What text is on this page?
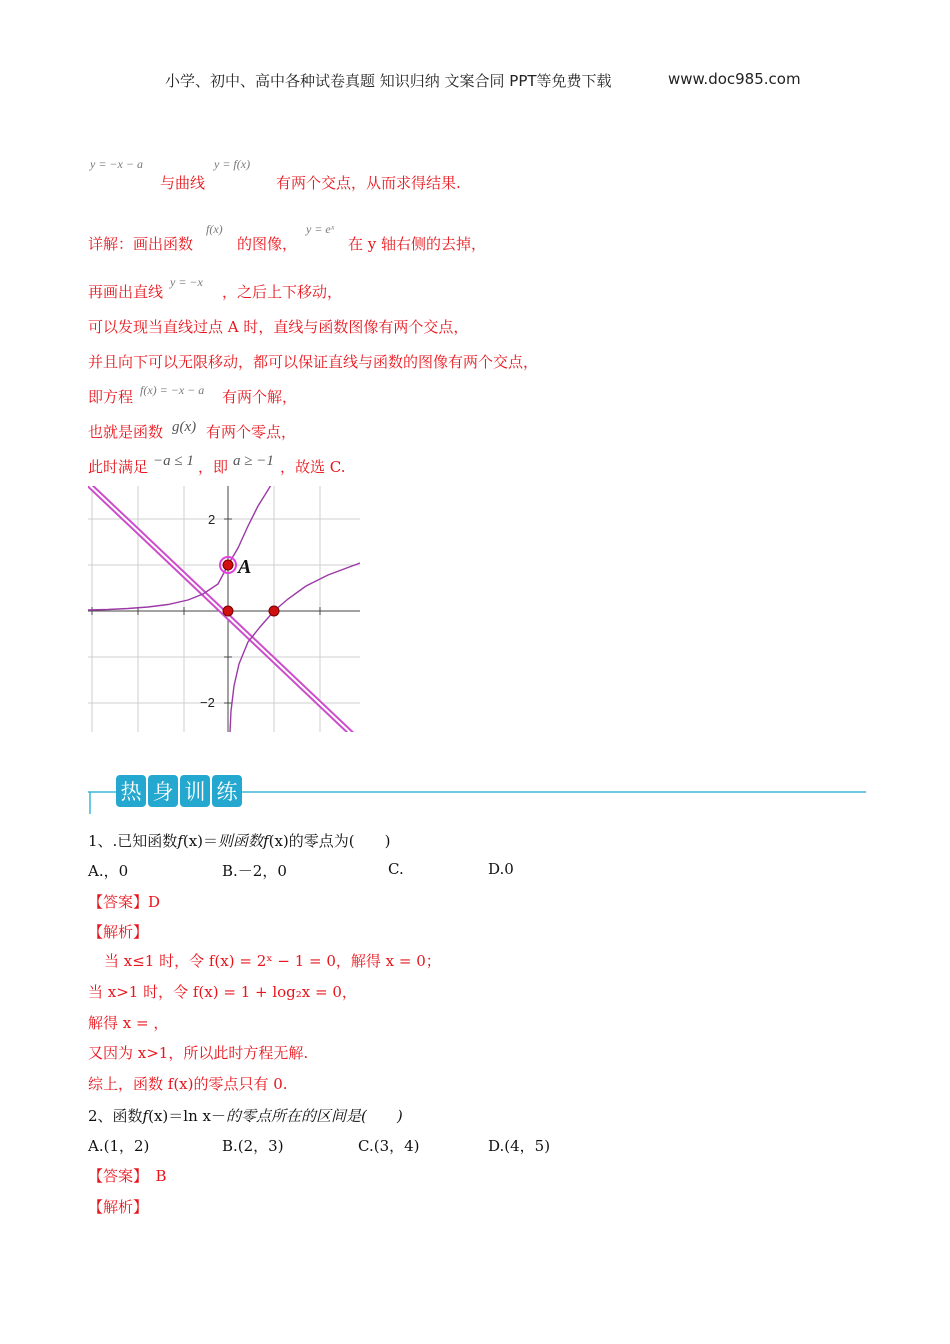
小学、初中、高中各种试卷真题 知识归纳 文案合同 PPT等免费下载	www.doc985.com
y = −x − a
与曲线
y = f(x)
有两个交点，从而求得结果.
详解：画出函数
f(x)
的图像，
y = eˣ
在 y 轴右侧的去掉，
再画出直线
y = −x
，之后上下移动，
可以发现当直线过点 A 时，直线与函数图像有两个交点，
并且向下可以无限移动，都可以保证直线与函数的图像有两个交点，
即方程 f(x) = −x − a 有两个解，
也就是函数 g(x) 有两个零点，
此时满足 −a ≤ 1 ，即 a ≥ −1 ，故选 C.
2
−2
A
热 身 训 练
1、.已知函数f(x)＝则函数f(x)的零点为(　　)
A.，0	B.－2，0	C.	D.0
【答案】D
【解析】
当 x≤1 时，令 f(x) = 2ˣ − 1 = 0，解得 x = 0；
当 x>1 时，令 f(x) = 1 + log₂x = 0，
解得 x = ，
又因为 x>1，所以此时方程无解.
综上，函数 f(x)的零点只有 0.
2、函数f(x)＝ln x－的零点所在的区间是(　　)
A.(1，2)	B.(2，3)	C.(3，4)	D.(4，5)
【答案】　B
【解析】
